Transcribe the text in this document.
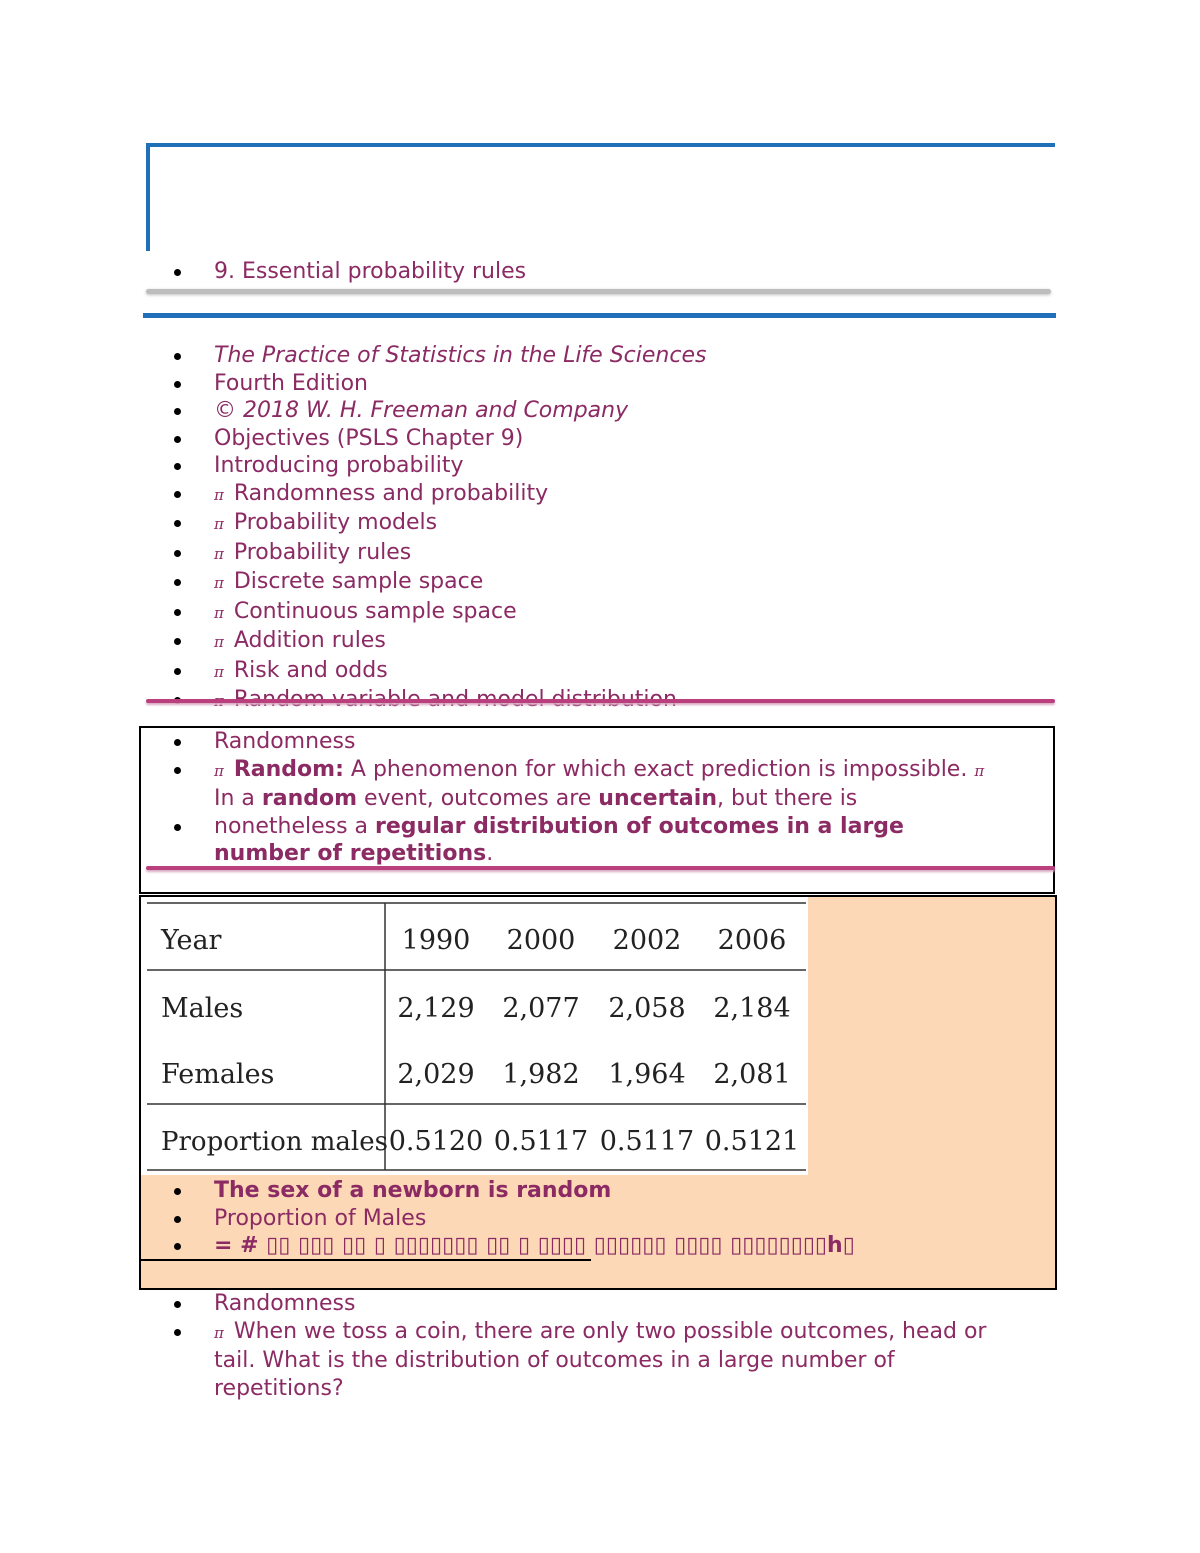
9. Essential probability rules
The Practice of Statistics in the Life Sciences
Fourth Edition
© 2018 W. H. Freeman and Company
Objectives (PSLS Chapter 9)
Introducing probability
π Randomness and probability
π Probability models
π Probability rules
π Discrete sample space
π Continuous sample space
π Addition rules
π Risk and odds
Randomness
π Random: A phenomenon for which exact prediction is impossible. π
In a random event, outcomes are uncertain, but there is
nonetheless a regular distribution of outcomes in a large
number of repetitions.
Year	1990 2000 2002 2006
Males	2,129 2,077 2,058 2,184
Females	2,029 1,982 1,964 2,081
Proportion males 0.5120 0.5117 0.5117 0.5121
The sex of a newborn is random
Proportion of Males
= # ▯▯ ▯▯▯ ▯▯ ▯ ▯▯▯▯▯▯▯ ▯▯ ▯ ▯▯▯▯ ▯▯▯▯▯▯ ▯▯▯▯ ▯▯▯▯▯▯▯▯h▯
Randomness
π When we toss a coin, there are only two possible outcomes, head or
tail. What is the distribution of outcomes in a large number of
repetitions?
